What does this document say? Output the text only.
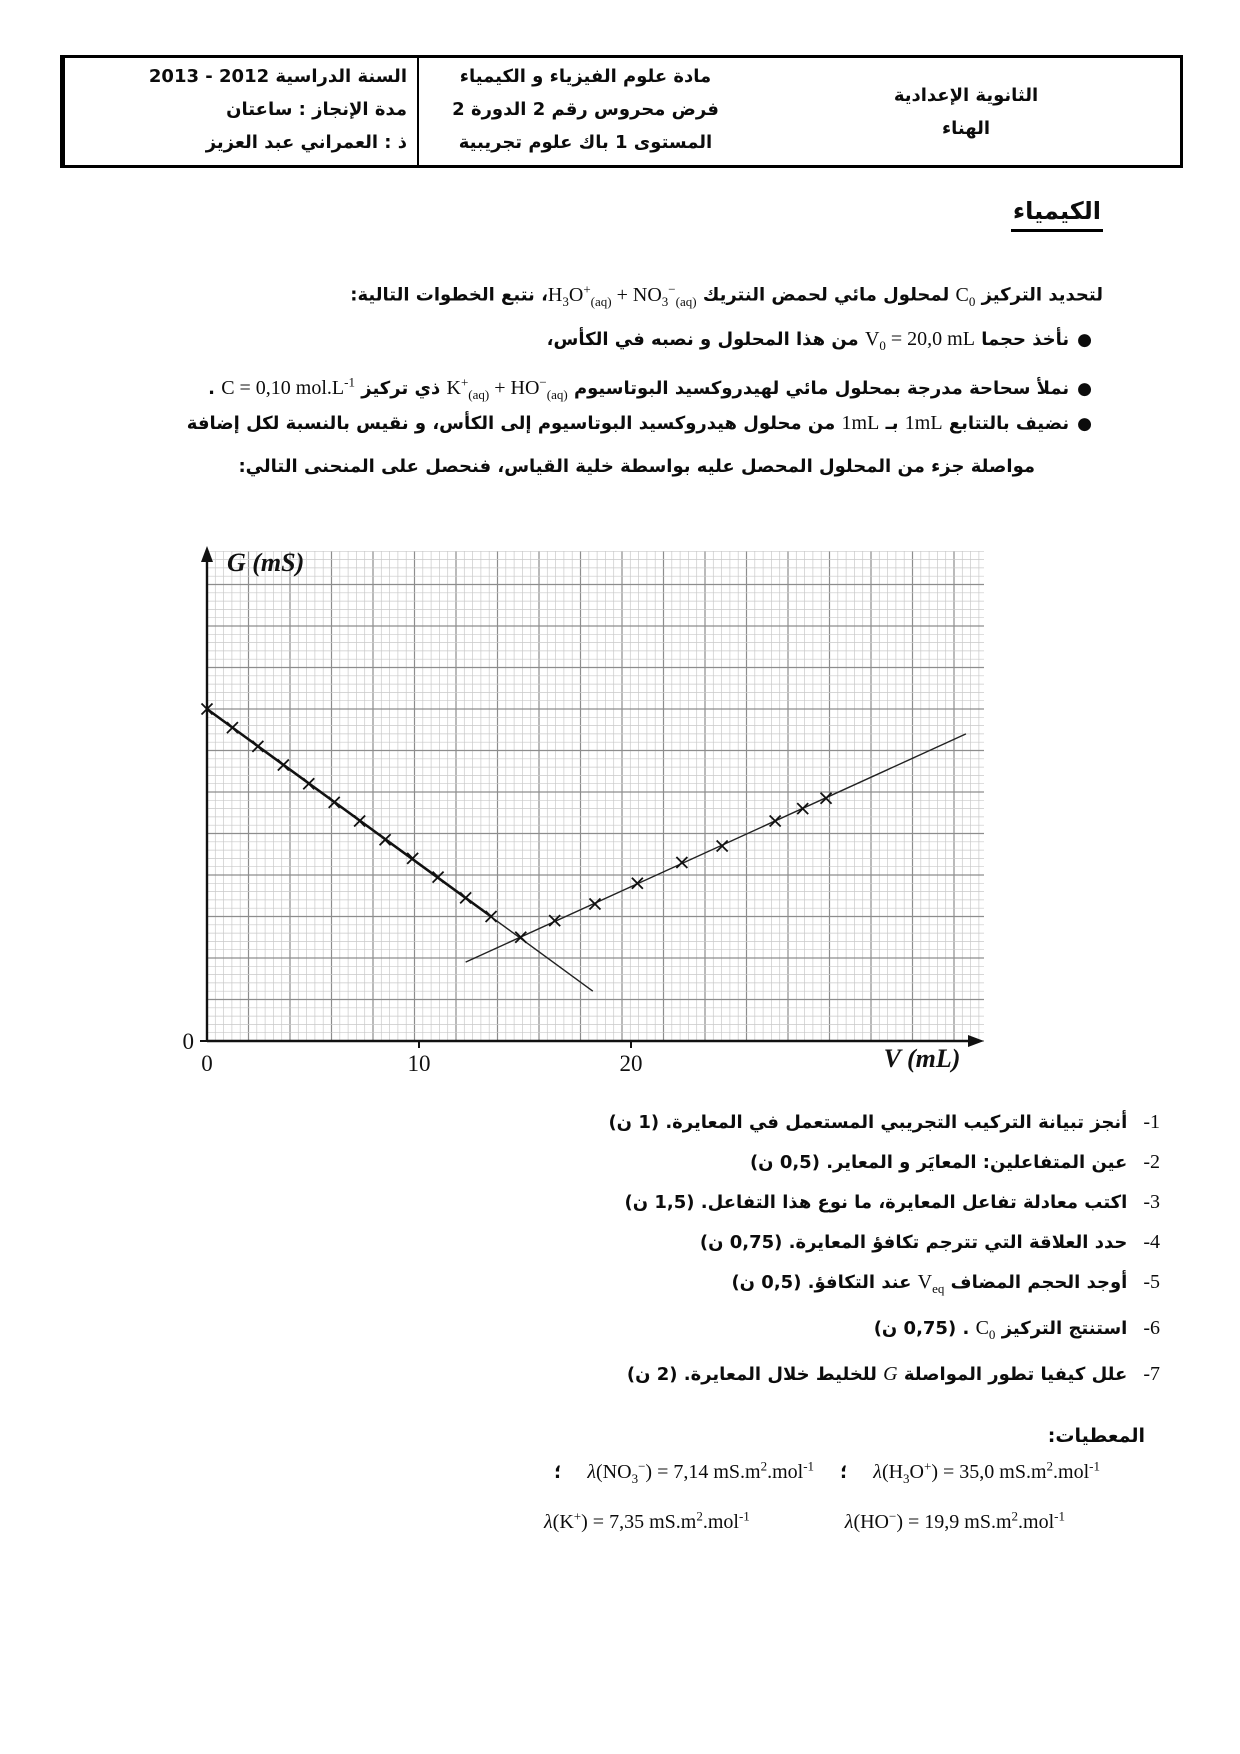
الثانوية الإعدادية
الهناء
مادة علوم الفيزياء و الكيمياء
فرض محروس رقم 2 الدورة 2
المستوى 1 باك علوم تجريبية
السنة الدراسية 2012 - 2013
مدة الإنجاز : ساعتان
ذ : العمراني عبد العزيز
الكيمياء
لتحديد التركيز $C_0$ لمحلول مائي لحمض النتريك $H_3O^+_{(aq)}$ + $NO_3^-_{(aq)}،$ نتبع الخطوات التالية:
●نأخذ حجما $V_0 = 20,0$ mL من هذا المحلول و نصبه في الكأس،
●نملأ سحاحة مدرجة بمحلول مائي لهيدروكسيد البوتاسيوم $K^+_{(aq)} + HO^-_{(aq)}$ ذي تركيز C = 0,10 $mol.L^{-1}$ .
●نضيف بالتتابع 1mL بـ 1mL من محلول هيدروكسيد البوتاسيوم إلى الكأس، و نقيس بالنسبة لكل إضافة
مواصلة جزء من المحلول المحصل عليه بواسطة خلية القياس، فنحصل على المنحنى التالي:
0	10	20
0
G (mS)
V (mL)
1-أنجز تبيانة التركيب التجريبي المستعمل في المعايرة. (1 ن)
2-عين المتفاعلين: المعايَر و المعاير. (0,5 ن)
3-اكتب معادلة تفاعل المعايرة، ما نوع هذا التفاعل. (1,5 ن)
4-حدد العلاقة التي تترجم تكافؤ المعايرة. (0,75 ن)
5-أوجد الحجم المضاف $V_{eq}$ عند التكافؤ. (0,5 ن)
6-استنتج التركيز $C_0$ . (0,75 ن)
7-علل كيفيا تطور المواصلة G للخليط خلال المعايرة. (2 ن)
المعطيات:
$\lambda(H_3O^+) = 35,0$ $mS.m^2.mol^{-1}$
؛
$\lambda(NO_3^-) = 7,14$ $mS.m^2.mol^{-1}$
؛
λ(HO−) = 19,9 $mS.m^2.mol^{-1}$
λ(K+) = 7,35 $mS.m^2.mol^{-1}$
